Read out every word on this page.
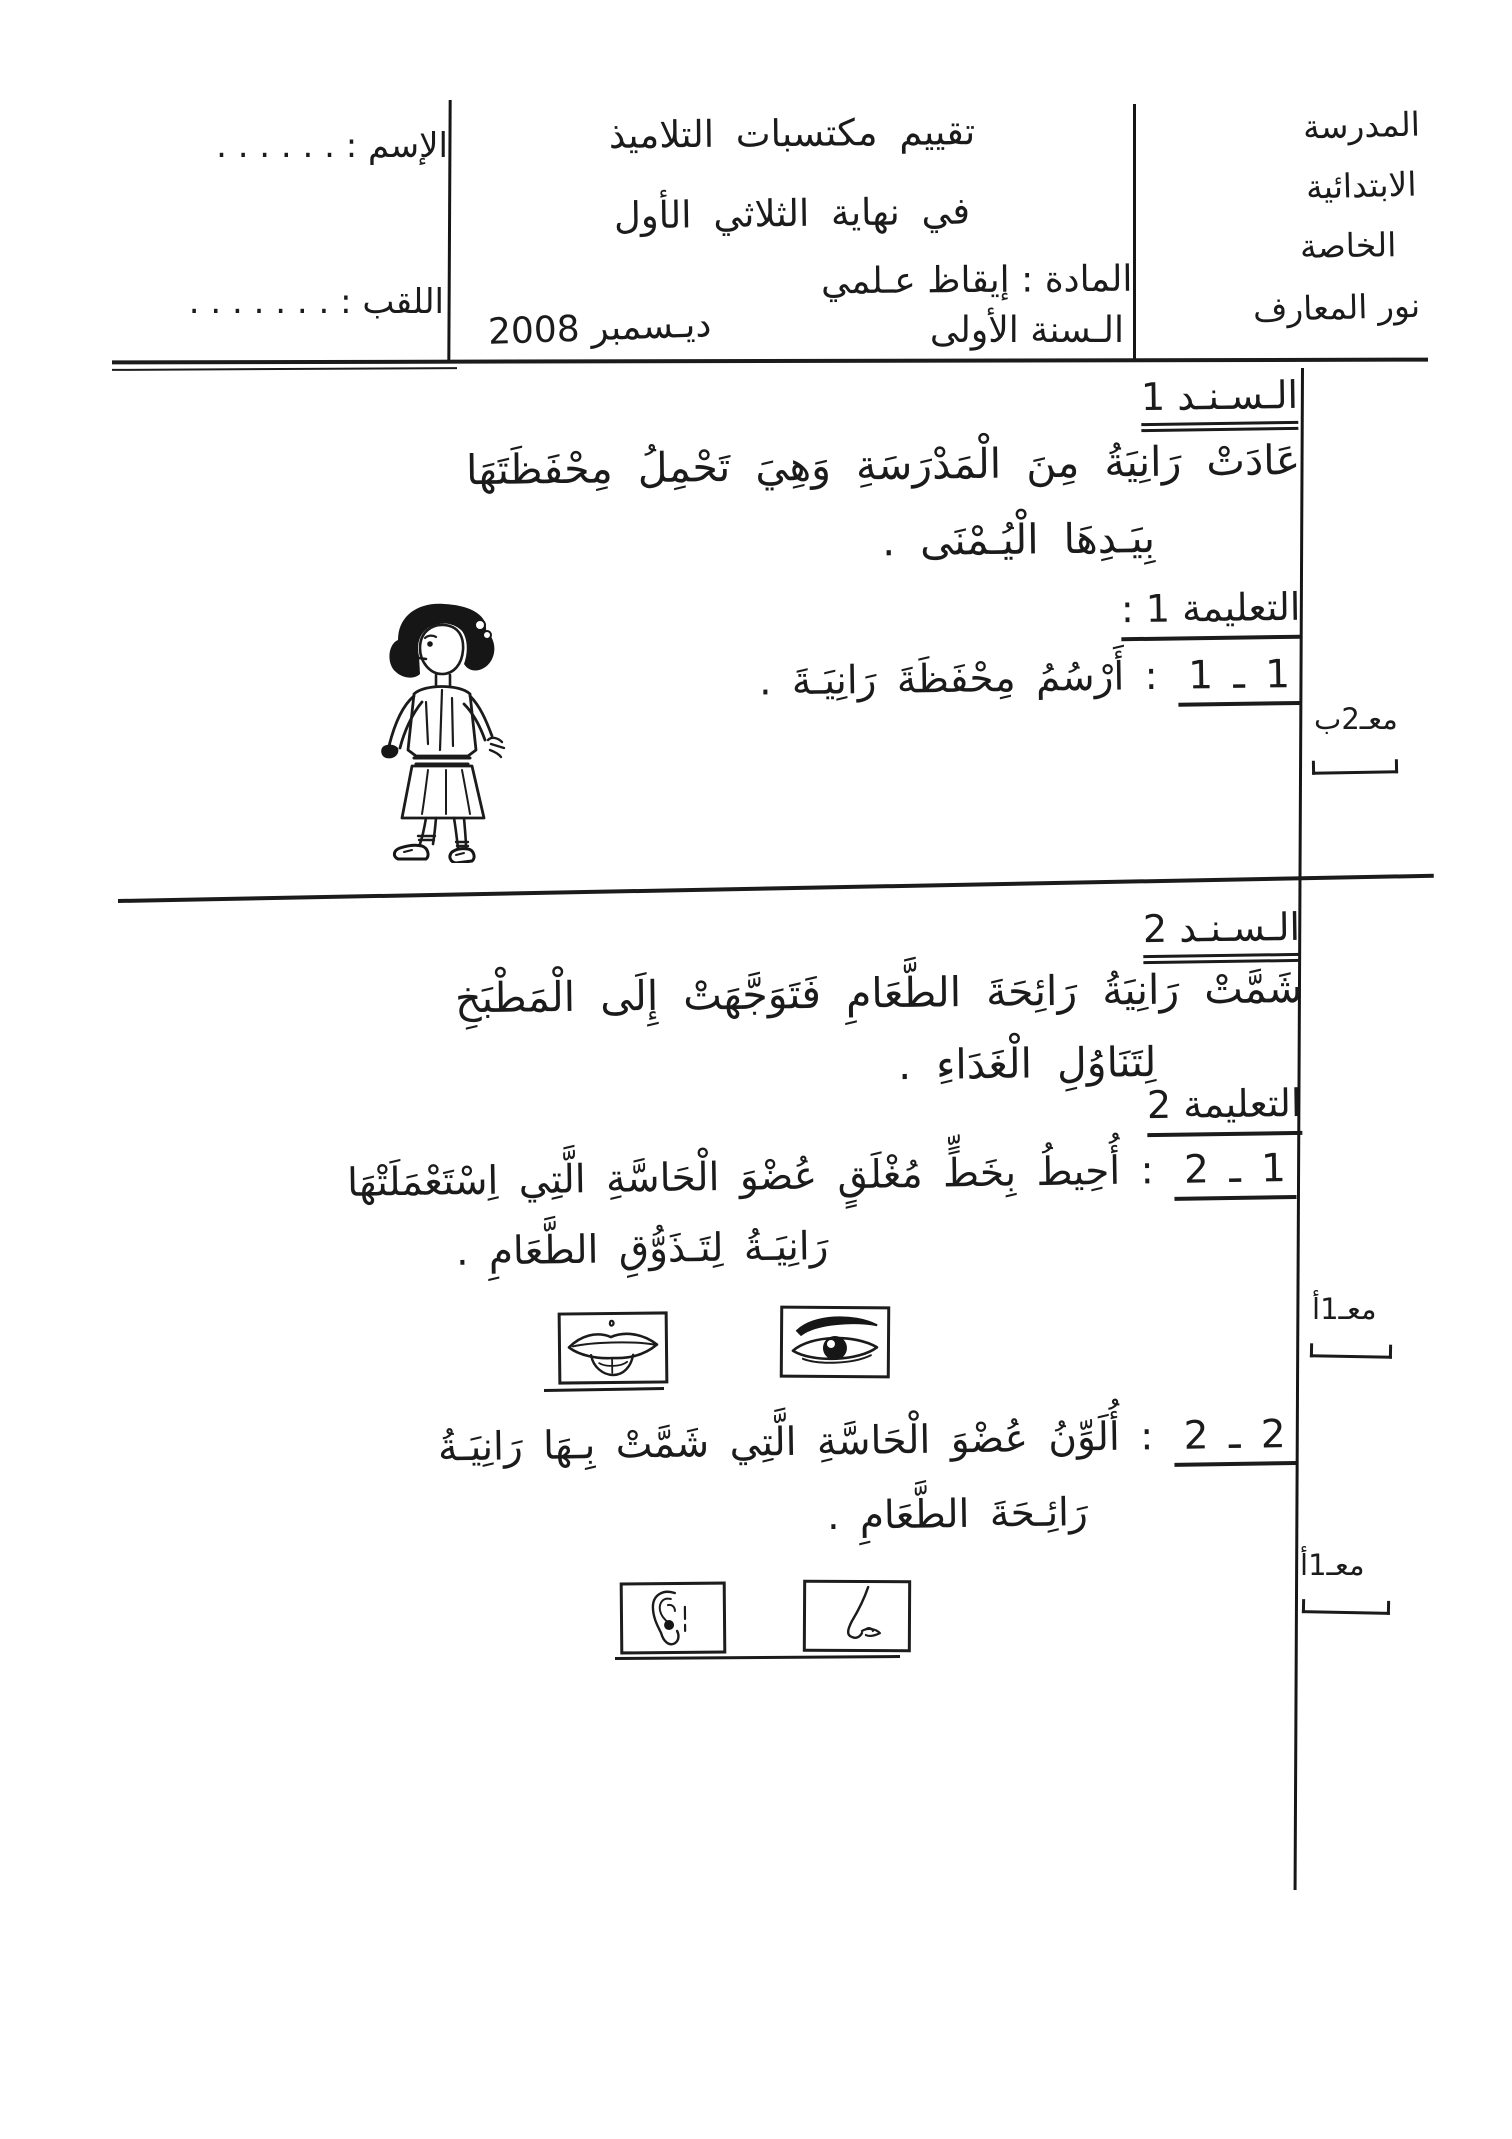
الإسم : . . . . . .
اللقب : . . . . . . .
تقييم مكتسبات التلاميذ
في نهاية الثلاثي الأول
المادة : إيقاظ عـلمي
الـسنة الأولى
ديـسمبر 2008
المدرسة
الابتدائية
الخاصة
نور المعارف
الـسـنـد 1
عَادَتْ رَانِيَةُ مِنَ الْمَدْرَسَةِ وَهِيَ تَحْمِلُ مِحْفَظَتَهَا
بِيَـدِهَا الْيُـمْنَى .
التعليمة 1 :
1 ـ 1 : أَرْسُمُ مِحْفَظَةَ رَانِيَـةَ .
معـ2ب
الـسـنـد 2
شَمَّتْ رَانِيَةُ رَائِحَةَ الطَّعَامِ فَتَوَجَّهَتْ إِلَى الْمَطْبَخِ
لِتَنَاوُلِ الْغَدَاءِ .
التعليمة 2
1 ـ 2 : أُحِيطُ بِخَطٍّ مُغْلَقٍ عُضْوَ الْحَاسَّةِ الَّتِي اِسْتَعْمَلَتْهَا
رَانِيَـةُ لِتَـذَوُّقِ الطَّعَامِ .
معـ1أ
2 ـ 2 : أُلَوِّنُ عُضْوَ الْحَاسَّةِ الَّتِي شَمَّتْ بِـهَا رَانِيَـةُ
رَائِـحَةَ الطَّعَامِ .
معـ1أ
